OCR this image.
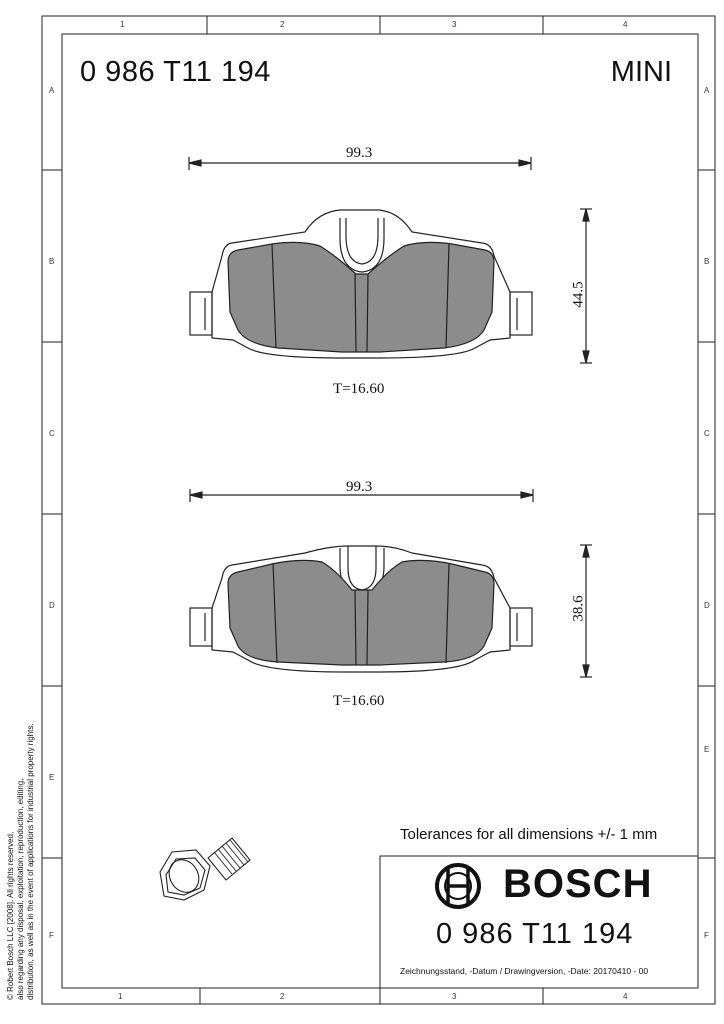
1	2	3	4
1	2	3	4
A
B
C
D
E
F
A
B
C
D
E
F
0 986 T11 194	MINI
99.3
44.5
T=16.60
99.3
38.6
T=16.60
Tolerances for all dimensions +/- 1 mm
BOSCH
0 986 T11 194
Zeichnungsstand, -Datum / Drawingversion, -Date: 20170410 - 00
© Robert Bosch LLC [2008]. All rights reserved, also regarding any disposal, exploitation, reproduction, editing, distribution, as well as in the event of applications for industrial property rights.
